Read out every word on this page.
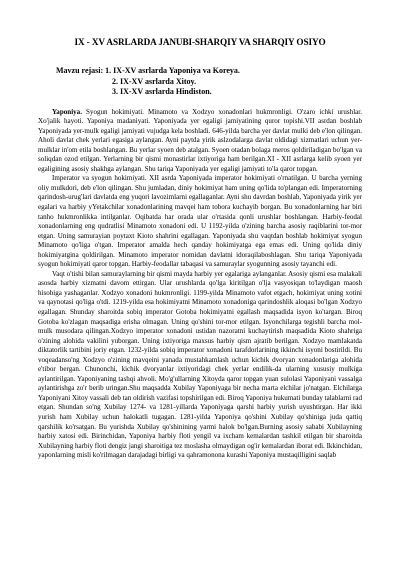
IX - XV ASRLARDA JANUBI-SHARQIY VA SHARQIY OSIYO
Mavzu rejasi: 1. IX-XV asrlarda Yaponiya va Koreya.
2. IX-XV asrlarda Xitoy.
3. IX-XV asrlarda Hindiston.

Yaponiya. Syogun hokimiyati. Minamoto va Xodzyo xonadonlari hukmronligi. O'zaro ichki urushlar. Xo'jalik hayoti. Yaponiya madaniyati. Yaponiyada yer egaligi jamiyatining quror topishi.VII asrdan boshlab Yaponiyada yer-mulk egaligi jamiyati vujudga kela boshladi. 646-yilda barcha yer davlat mulki deb e'lon qilingan. Aholi davlat chek yerlari egasiga aylangan. Ayni paytda yirik aslzodalarga davlat oldidagi xizmatlari uchun yer-mulklar in'om etila boshlangan. Bu yerlar syoen deb atalgan. Syoen otadan bolaga meros qoldiriladigan bo'lgan va soliqdan ozod etilgan. Yerlarning bir qismi monastirlar ixtiyoriga ham berilgan.XI - XII asrlarga kelib syoen yer egaligining asosiy shakhga aylangan. Shu tariqa Yaponiyada yer egaligi jamiyati to'la qaror topgan.

Imperator va syogun hokimiyati. XII asrda Yaponiyada imperator hokimiyati o'rnatilgan. U barcha yerning oliy mulkdori, deb e'lon qilingan. Shu jumladan, diniy hokimiyat ham uning qo'lida to'plangan edi. Imperatorning qarindosh-urug'lari davlatda eng yuqori lavozimlarni egallaganlar. Ayni shu davrdan boshlab, Yaponiyada yirik yer egalari va harbiy yYetakchilar xonadonlarining mavqei ham tobora kuchayib borgan. Bu xonadonlarning har biri tanho hukmronlikka intilganlar. Oqibatda har orada ular o'rtasida qonli urushlar boshlangan. Harbiy-feodal xonadonlarning eng qudratlisi Minamoto xonadoni edi. U 1192-yilda o'zining barcha asosiy raqiblarini tor-mor etgan. Uning samurayian poytaxt Kioto shahrini egallagan. Yaponiyada shu vaqtdan boshlab hokimiyat syogun Minamoto qo'liga o'tgan. Imperator amalda hech qanday hokimiyatga ega emas edi. Uning qo'lida diniy hokimiyatgina qoldirilgan. Minamoto imperator nomidan davlatni idoraqilaboshlagan. Shu tariqa Yaponiyada syogun hokimiyati qaror topgan. Harbiy-feodallar tabaqasi va samuraylar syogunning asosiy tayanchi edi.

Vaqt o'tishi bilan samuraylarning bir qismi mayda harbiy yer egalariga aylanganlar. Asosiy qismi esa malakali asosda harbiy xizmatni davom ettirgan. Ular urushlarda qo'lga kiritilgan o'lja vasyosiqan to'laydigan maosh hisobiga yashaganlar. Xodzyo xonadoni hukmronligi. 1199-yilda Minamoto vafot etgach, hokimiyat uning xotini va qaynotasi qo'liga o'tdi. 1219-yilda esa hokimiyatni Minamoto xonadoniga qarindoshlik aloqasi bo'lgan Xodzyo egallagan. Shunday sharoitda sobiq imperator Gotoba hokimiyatni egallash maqsadida isyon ko'targan. Biroq Gotoba ko'zlagan maqsadiga erisha olmagan. Uning qo'shini tor-mor etilgan. Isyonchilarga tegishli barcha mol-mulk musodara qilingan.Xodzyo imperator xonadoni ustidan nazoratni kuchaytirish maqsadida Kioto shahriga o'zining alohida vakilini yuborgan. Uning ixtiyoriga maxsus harbiy qism ajratib berilgan. Xodzyo mamlakatda diktatorlik tartibini joriy etgan. 1232-yilda sobiq imperator xonadoni tarafdorlarining ikkinchi isyoni bostirildi. Bu voqeadanso'ng Xodzyo o'zining mavqeini yanada mustahkamlash uchun kichik dvoryan xonadonlariga alohida e'tibor bergan. Chunonchi, kichik dvoryanlar ixtiyoridagi chek yerlar endilik-da ularning xususiy mulkiga aylantirilgan. Yaponiyaning tashqi ahvoli. Mo'g'ullarning Xitoyda qaror topgan yuan sulolasi Yaponiyani vassalga aylantirishga zo'r berib uringan.Shu maqsadda Xubilay Yaponiyaga bir necha marta elchilar jo'natgan. Elchilarga Yaponiyani Xitoy vassali deb tan oldirish vazifasi topshirilgan edi. Biroq Yaponiya hukumati bunday talablarni rad etgan. Shundan so'ng Xubilay 1274- va 1281-yillarda Yaponiyaga qarshi harbiy yurish uyushtirgan. Har ikki yurish ham Xubilay uchun halokatli tugagan. 1281-yilda Yaponiya qo'shini Xubilay qo'shiniga juda qattiq qarshilik ko'rsatgan. Bu yurishda Xubilay qo'shinining yarmi halok bo'lgan.Burning asosiy sababi Xubilayning harbiy xatosi edi. Birinchidan, Yaponiya harbiy floti yengil va ixcham kemalardan tashkil etilgan bir sharoitda Xubilayning harbiy floti dengiz jangi sharoitiga tez moslasha olmaydigan og'ir kemalardan iborat edi. Ikkinchidan, yaponlarning misli ko'rilmagan darajadagi birligi va qahramonona kurashi Yaponiya mustaqilligini saqlab
